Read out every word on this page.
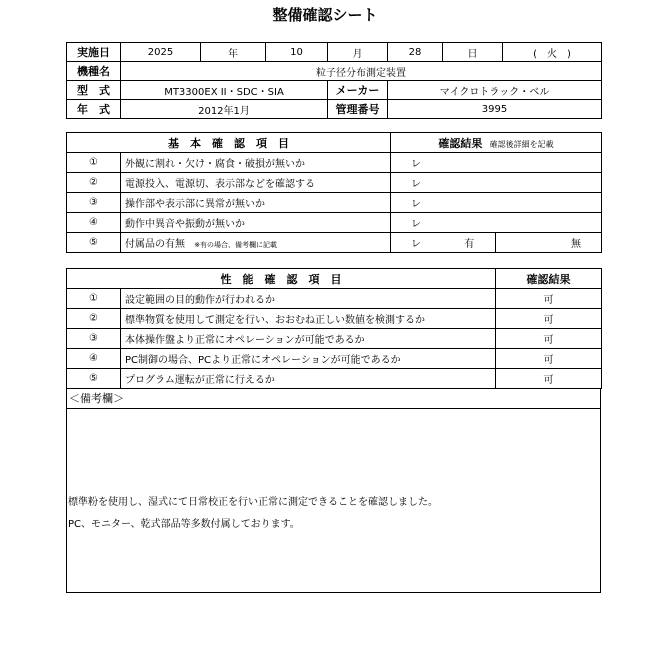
整備確認シート
実施日	2025	年	10	月	28	日	(　火　)
機種名	粒子径分布測定装置						
型　式	MT3300EX II・SDC・SIA			メーカー	マイクロトラック・ベル		
年　式	2012年1月			管理番号	3995		
基　本　確　認　項　目		確認結果 確認後詳細を記載	
①	外観に割れ・欠け・腐食・破損が無いか	レ	
②	電源投入、電源切、表示部などを確認する	レ	
③	操作部や表示部に異常が無いか	レ	
④	動作中異音や振動が無いか	レ	
⑤	付属品の有無 ※有の場合、備考欄に記載	レ 有	無
性　能　確　認　項　目		確認結果
①	設定範囲の目的動作が行われるか	可
②	標準物質を使用して測定を行い、おおむね正しい数値を検測するか	可
③	本体操作盤より正常にオペレーションが可能であるか	可
④	PC制御の場合、PCより正常にオペレーションが可能であるか	可
⑤	プログラム運転が正常に行えるか	可
＜備考欄＞
標準粉を使用し、湿式にて日常校正を行い正常に測定できることを確認しました。
PC、モニター、乾式部品等多数付属しております。
